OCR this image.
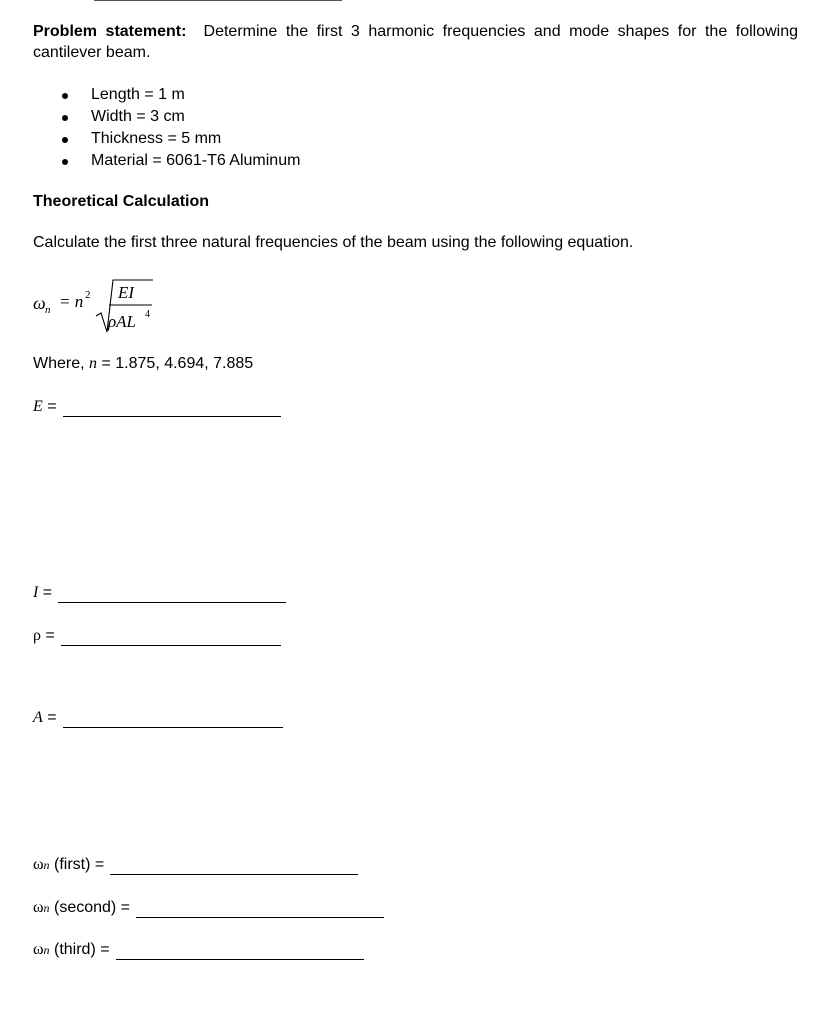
Problem statement: Determine the first 3 harmonic frequencies and mode shapes for the following cantilever beam.
Length = 1 m
Width = 3 cm
Thickness = 5 mm
Material = 6061-T6 Aluminum
Theoretical Calculation
Calculate the first three natural frequencies of the beam using the following equation.
ω n = n 2 EI
ρAL 4
Where, n = 1.875, 4.694, 7.885
E =
I =
ρ =
A =
ωn (first) =
ωn (second) =
ωn (third) =
